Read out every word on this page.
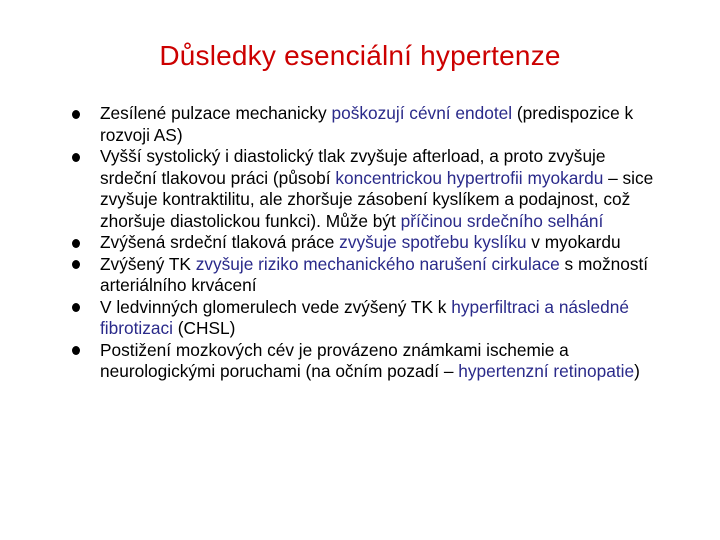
Důsledky esenciální hypertenze
Zesílené pulzace mechanicky poškozují cévní endotel (predispozice k rozvoji AS)
Vyšší systolický i diastolický tlak zvyšuje afterload, a proto zvyšuje srdeční tlakovou práci (působí koncentrickou hypertrofii myokardu – sice zvyšuje kontraktilitu, ale zhoršuje zásobení kyslíkem a podajnost, což zhoršuje diastolickou funkci). Může být příčinou srdečního selhání
Zvýšená srdeční tlaková práce zvyšuje spotřebu kyslíku v myokardu
Zvýšený TK zvyšuje riziko mechanického narušení cirkulace s možností arteriálního krvácení
V ledvinných glomerulech vede zvýšený TK k hyperfiltraci a následné fibrotizaci (CHSL)
Postižení mozkových cév je provázeno známkami ischemie a neurologickými poruchami (na očním pozadí – hypertenzní retinopatie)
